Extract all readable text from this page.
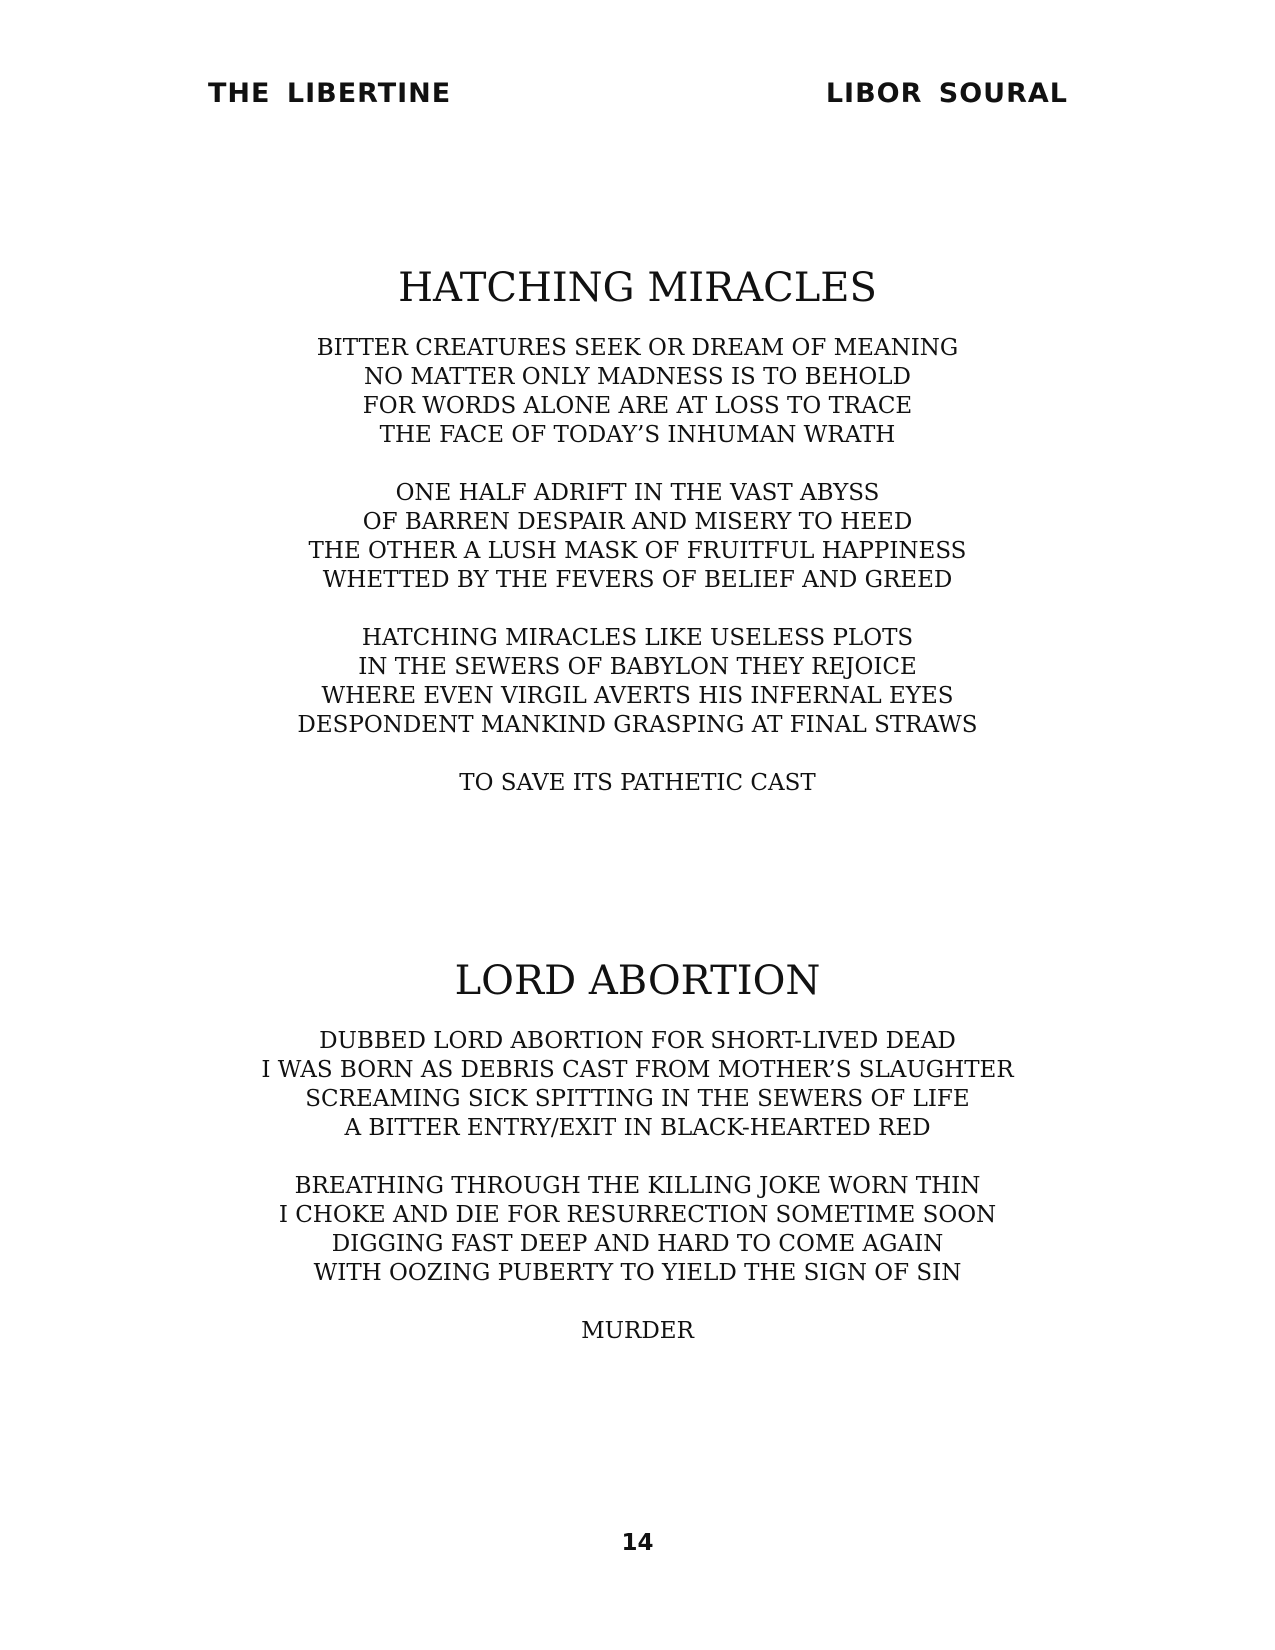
THE LIBERTINE	LIBOR SOURAL
HATCHING MIRACLES
BITTER CREATURES SEEK OR DREAM OF MEANING
NO MATTER ONLY MADNESS IS TO BEHOLD
FOR WORDS ALONE ARE AT LOSS TO TRACE
THE FACE OF TODAY’S INHUMAN WRATH
ONE HALF ADRIFT IN THE VAST ABYSS
OF BARREN DESPAIR AND MISERY TO HEED
THE OTHER A LUSH MASK OF FRUITFUL HAPPINESS
WHETTED BY THE FEVERS OF BELIEF AND GREED
HATCHING MIRACLES LIKE USELESS PLOTS
IN THE SEWERS OF BABYLON THEY REJOICE
WHERE EVEN VIRGIL AVERTS HIS INFERNAL EYES
DESPONDENT MANKIND GRASPING AT FINAL STRAWS
TO SAVE ITS PATHETIC CAST
LORD ABORTION
DUBBED LORD ABORTION FOR SHORT-LIVED DEAD
I WAS BORN AS DEBRIS CAST FROM MOTHER’S SLAUGHTER
SCREAMING SICK SPITTING IN THE SEWERS OF LIFE
A BITTER ENTRY/EXIT IN BLACK-HEARTED RED
BREATHING THROUGH THE KILLING JOKE WORN THIN
I CHOKE AND DIE FOR RESURRECTION SOMETIME SOON
DIGGING FAST DEEP AND HARD TO COME AGAIN
WITH OOZING PUBERTY TO YIELD THE SIGN OF SIN
MURDER
14
